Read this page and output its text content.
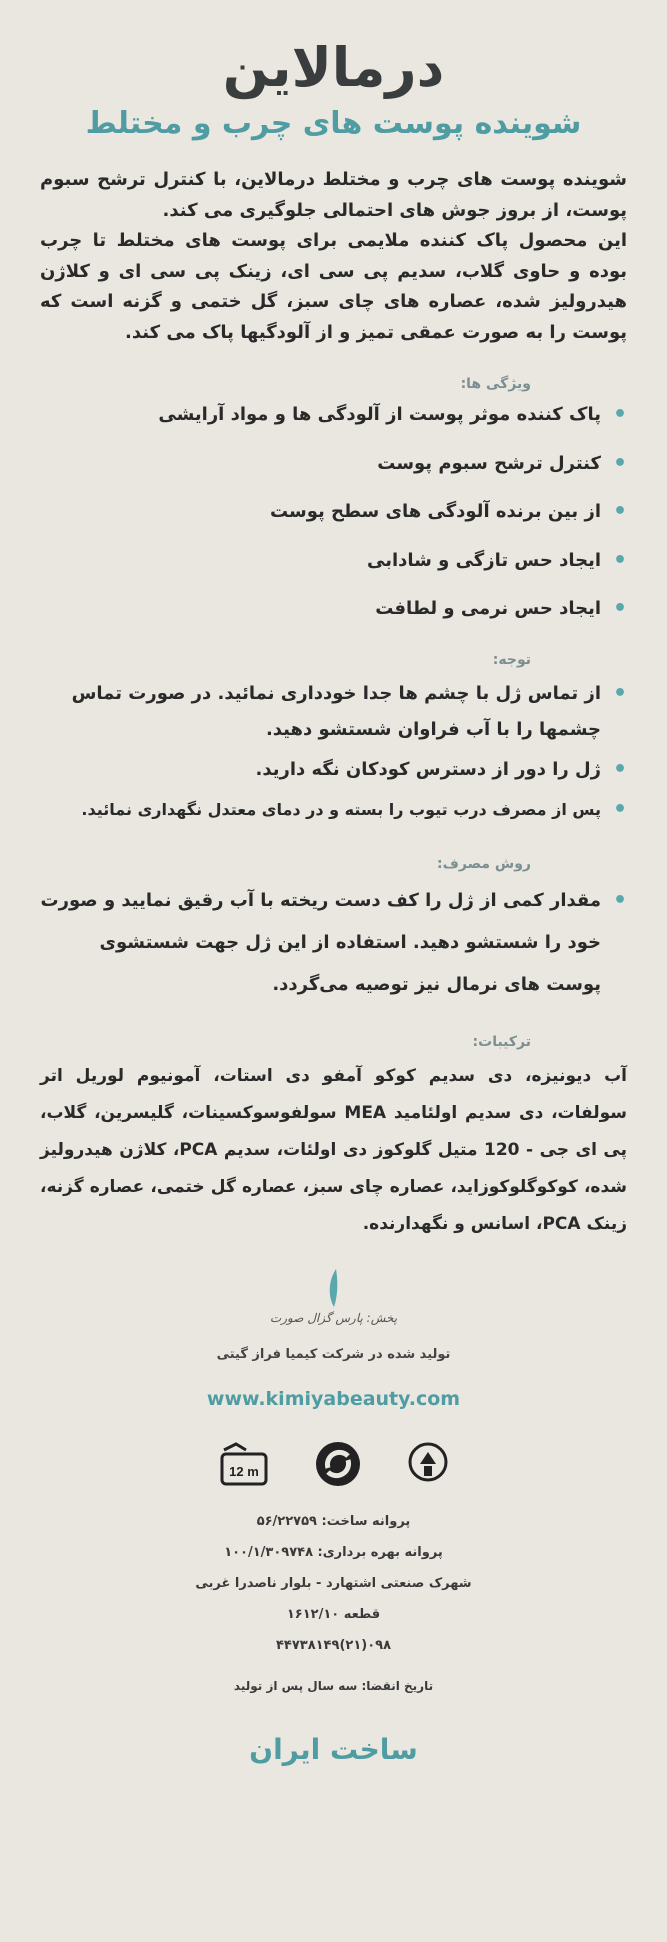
درمالاین
شوینده پوست های چرب و مختلط

شوینده پوست های چرب و مختلط درمالاین، با کنترل ترشح سبوم پوست، از بروز جوش های احتمالی جلوگیری می کند.

این محصول پاک کننده ملایمی برای پوست های مختلط تا چرب بوده و حاوی گلاب، سدیم پی سی ای، زینک پی سی ای و کلاژن هیدرولیز شده، عصاره های چای سبز، گل ختمی و گزنه است که پوست را به صورت عمقی تمیز و از آلودگیها پاک می کند.

ویژگی ها:
• پاک کننده موثر پوست از آلودگی ها و مواد آرایشی
• کنترل ترشح سبوم پوست
• از بین برنده آلودگی های سطح پوست
• ایجاد حس تازگی و شادابی
• ایجاد حس نرمی و لطافت
توجه:
• از تماس ژل با چشم ها جدا خودداری نمائید. در صورت تماس چشمها را با آب فراوان شستشو دهید.
• ژل را دور از دسترس کودکان نگه دارید.
• پس از مصرف درب تیوب را بسته و در دمای معتدل نگهداری نمائید.
روش مصرف:
• مقدار کمی از ژل را کف دست ریخته با آب رقیق نمایید و صورت خود را شستشو دهید. استفاده از این ژل جهت شستشوی پوست های نرمال نیز توصیه می‌گردد.
ترکیبات:

آب دیونیزه، دی سدیم کوکو آمفو دی استات، آمونیوم لوریل اتر سولفات، دی سدیم اولئامید MEA سولفوسوکسینات، گلیسرین، گلاب، پی ای جی - 120 متیل گلوکوز دی اولئات، سدیم PCA، کلاژن هیدرولیز شده، کوکوگلوکوزاید، عصاره چای سبز، عصاره گل ختمی، عصاره گزنه، زینک PCA، اسانس و نگهدارنده.

پخش: پارس گزال صورت
تولید شده در شرکت کیمیا فراز گیتی
www.kimiyabeauty.com
12 m
پروانه ساخت: ۵۶/۲۲۷۵۹
پروانه بهره برداری: ۱۰۰/۱/۳۰۹۷۴۸
شهرک صنعتی اشتهارد - بلوار ناصدرا غربی
قطعه ۱۶۱۲/۱۰
۰۹۸(۲۱)۴۴۷۳۸۱۴۹
تاریخ انقضا: سه سال پس از تولید
ساخت ایران
